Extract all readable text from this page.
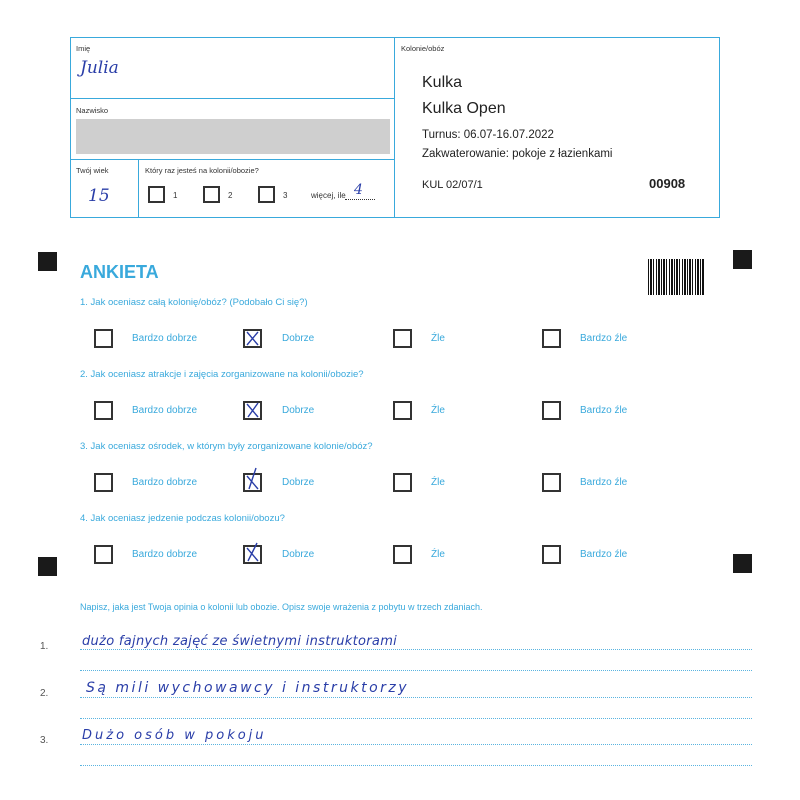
Imię
Julia
Nazwisko
Twój wiek
15
Który raz jesteś na kolonii/obozie?
1	2	3	więcej, ile 4
Kolonie/obóz
Kulka
Kulka Open
Turnus: 06.07-16.07.2022
Zakwaterowanie: pokoje z łazienkami
KUL 02/07/1	00908
ANKIETA
1. Jak oceniasz całą kolonię/obóz? (Podobało Ci się?)
Bardzo dobrze	Dobrze	Źle	Bardzo źle
2. Jak oceniasz atrakcje i zajęcia zorganizowane na kolonii/obozie?
Bardzo dobrze	Dobrze	Źle	Bardzo źle
3. Jak oceniasz ośrodek, w którym były zorganizowane kolonie/obóz?
Bardzo dobrze	Dobrze	Źle	Bardzo źle
4. Jak oceniasz jedzenie podczas kolonii/obozu?
Bardzo dobrze	Dobrze	Źle	Bardzo źle
Napisz, jaka jest Twoja opinia o kolonii lub obozie. Opisz swoje wrażenia z pobytu w trzech zdaniach.
1.	dużo fajnych zajęć ze świetnymi instruktorami
2.	Są mili wychowawcy i instruktorzy
3.	Dużo osób w pokoju
